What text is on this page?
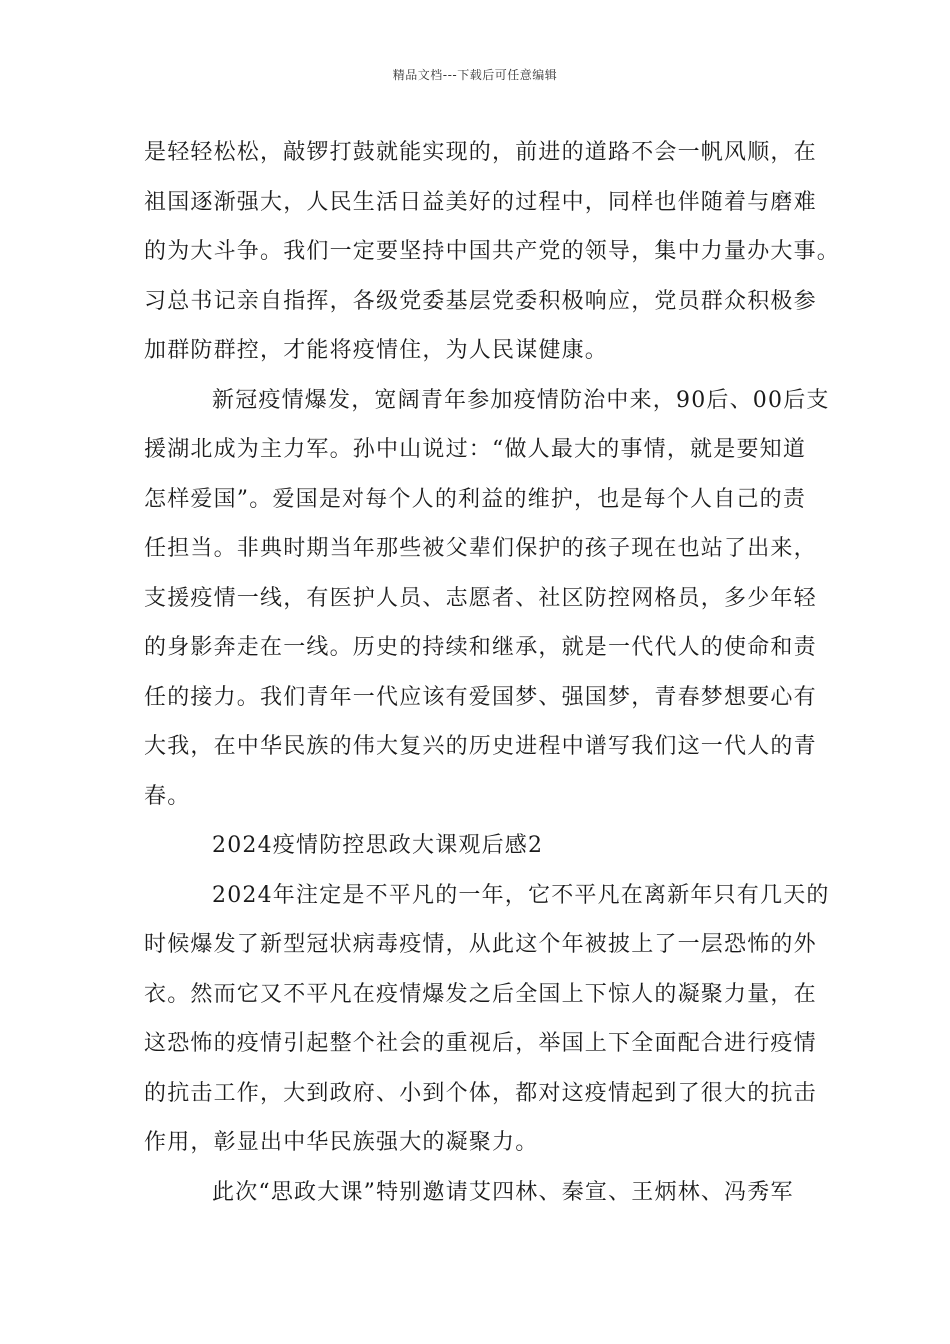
精品文档---下载后可任意编辑
是轻轻松松，敲锣打鼓就能实现的，前进的道路不会一帆风顺，在
祖国逐渐强大，人民生活日益美好的过程中，同样也伴随着与磨难
的为大斗争。我们一定要坚持中国共产党的领导，集中力量办大事。
习总书记亲自指挥，各级党委基层党委积极响应，党员群众积极参
加群防群控，才能将疫情住，为人民谋健康。
新冠疫情爆发，宽阔青年参加疫情防治中来，90后、00后支
援湖北成为主力军。孙中山说过：“做人最大的事情，就是要知道
怎样爱国”。爱国是对每个人的利益的维护，也是每个人自己的责
任担当。非典时期当年那些被父辈们保护的孩子现在也站了出来，
支援疫情一线，有医护人员、志愿者、社区防控网格员，多少年轻
的身影奔走在一线。历史的持续和继承，就是一代代人的使命和责
任的接力。我们青年一代应该有爱国梦、强国梦，青春梦想要心有
大我，在中华民族的伟大复兴的历史进程中谱写我们这一代人的青
春。
2024疫情防控思政大课观后感2
2024年注定是不平凡的一年，它不平凡在离新年只有几天的
时候爆发了新型冠状病毒疫情，从此这个年被披上了一层恐怖的外
衣。然而它又不平凡在疫情爆发之后全国上下惊人的凝聚力量，在
这恐怖的疫情引起整个社会的重视后，举国上下全面配合进行疫情
的抗击工作，大到政府、小到个体，都对这疫情起到了很大的抗击
作用，彰显出中华民族强大的凝聚力。
此次“思政大课”特别邀请艾四林、秦宣、王炳林、冯秀军
